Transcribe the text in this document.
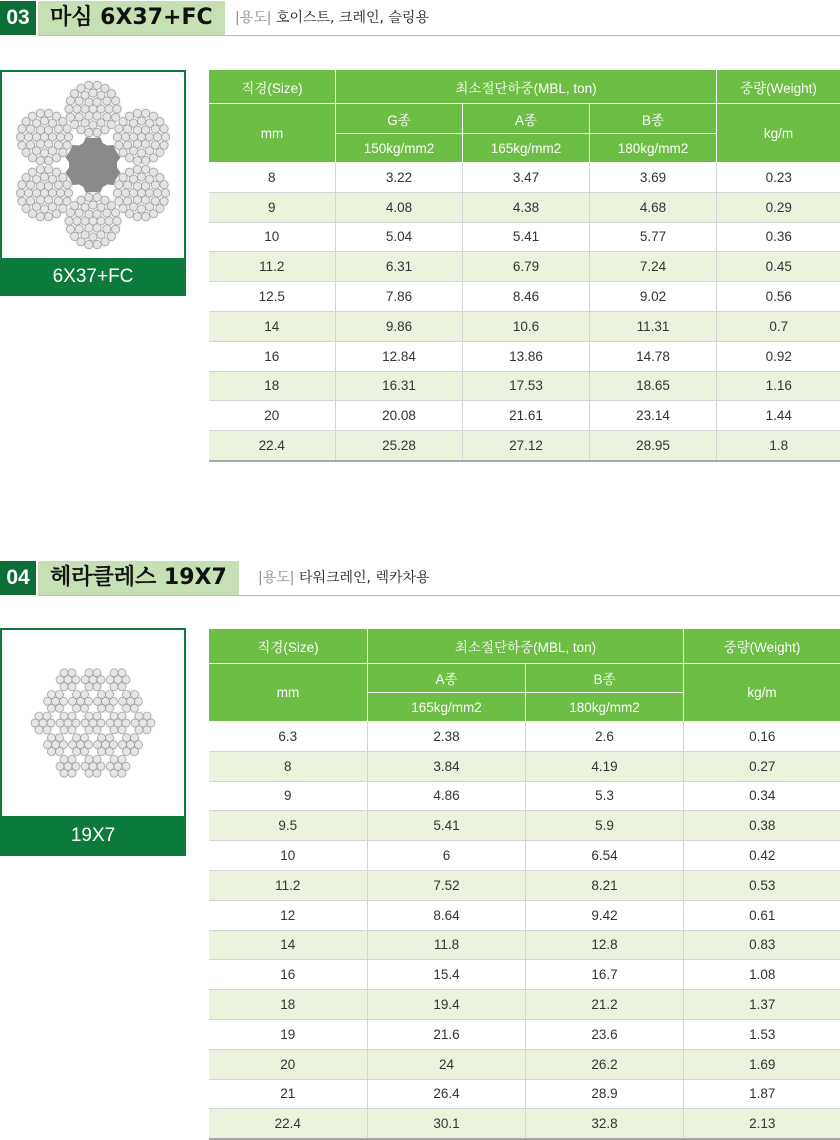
03 마심 6X37+FC	|용도| 호이스트, 크레인, 슬링용
6X37+FC
직경(Size)	최소절단하중(MBL, ton)			중량(Weight)
mm	G종	A종	B종	kg/m
	150kg/mm2	165kg/mm2	180kg/mm2	
8	3.22	3.47	3.69	0.23
9	4.08	4.38	4.68	0.29
10	5.04	5.41	5.77	0.36
11.2	6.31	6.79	7.24	0.45
12.5	7.86	8.46	9.02	0.56
14	9.86	10.6	11.31	0.7
16	12.84	13.86	14.78	0.92
18	16.31	17.53	18.65	1.16
20	20.08	21.61	23.14	1.44
22.4	25.28	27.12	28.95	1.8
04 헤라클레스 19X7	|용도| 타워크레인, 렉카차용
19X7
직경(Size)	최소절단하중(MBL, ton)		중량(Weight)
mm	A종	B종	kg/m
	165kg/mm2	180kg/mm2	
6.3	2.38	2.6	0.16
8	3.84	4.19	0.27
9	4.86	5.3	0.34
9.5	5.41	5.9	0.38
10	6	6.54	0.42
11.2	7.52	8.21	0.53
12	8.64	9.42	0.61
14	11.8	12.8	0.83
16	15.4	16.7	1.08
18	19.4	21.2	1.37
19	21.6	23.6	1.53
20	24	26.2	1.69
21	26.4	28.9	1.87
22.4	30.1	32.8	2.13
